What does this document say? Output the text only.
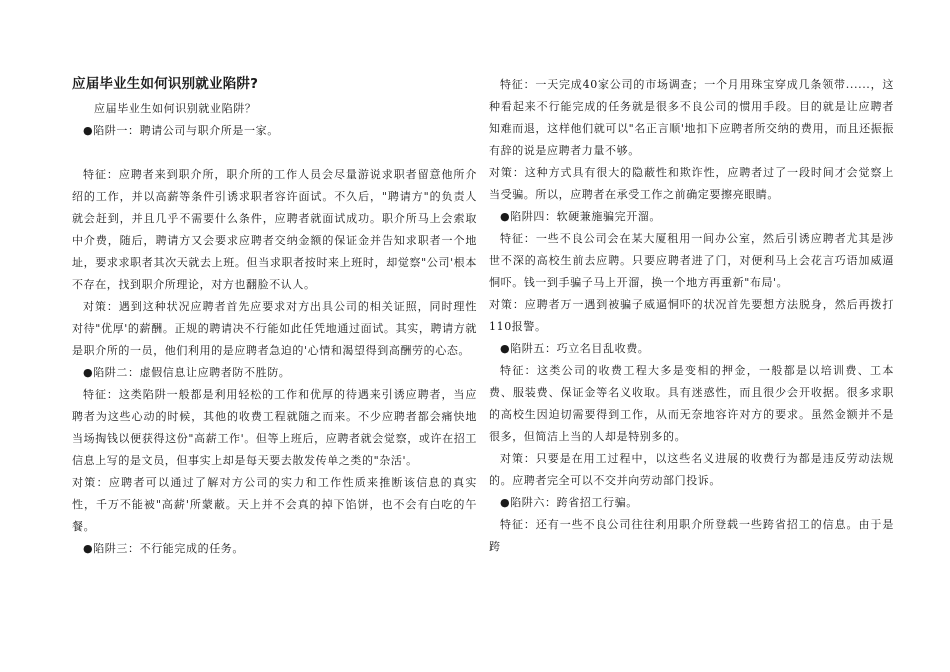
应届毕业生如何识别就业陷阱?

应届毕业生如何识别就业陷阱？

●陷阱一：聘请公司与职介所是一家。

特征：应聘者来到职介所，职介所的工作人员会尽量游说求职者留意他所介绍的工作，并以高薪等条件引诱求职者容许面试。不久后，"聘请方"的负责人就会赶到，并且几乎不需要什么条件，应聘者就面试成功。职介所马上会索取中介费，随后，聘请方又会要求应聘者交纳金额的保证金并告知求职者一个地址，要求求职者其次天就去上班。但当求职者按时来上班时，却觉察"公司'根本不存在，找到职介所理论，对方也翻脸不认人。

对策：遇到这种状况应聘者首先应要求对方出具公司的相关证照，同时理性对待"优厚'的薪酬。正规的聘请决不行能如此任凭地通过面试。其实，聘请方就是职介所的一员，他们利用的是应聘者急迫的'心情和渴望得到高酬劳的心态。

●陷阱二：虚假信息让应聘者防不胜防。

特征：这类陷阱一般都是利用轻松的工作和优厚的待遇来引诱应聘者，当应聘者为这些心动的时候，其他的收费工程就随之而来。不少应聘者都会痛快地当场掏钱以便获得这份"高薪工作'。但等上班后，应聘者就会觉察，或许在招工信息上写的是文员，但事实上却是每天要去散发传单之类的"杂活'。

对策：应聘者可以通过了解对方公司的实力和工作性质来推断该信息的真实性，千万不能被"高薪'所蒙蔽。天上并不会真的掉下馅饼，也不会有白吃的午餐。

●陷阱三：不行能完成的任务。

特征：一天完成40家公司的市场调查；一个月用珠宝穿成几条领带......，这种看起来不行能完成的任务就是很多不良公司的惯用手段。目的就是让应聘者知难而退，这样他们就可以"名正言顺'地扣下应聘者所交纳的费用，而且还振振有辞的说是应聘者力量不够。

对策：这种方式具有很大的隐蔽性和欺诈性，应聘者过了一段时间才会觉察上当受骗。所以，应聘者在承受工作之前确定要擦亮眼睛。

●陷阱四：软硬兼施骗完开溜。

特征：一些不良公司会在某大厦租用一间办公室，然后引诱应聘者尤其是涉世不深的高校生前去应聘。只要应聘者进了门，对便利马上会花言巧语加威逼恫吓。钱一到手骗子马上开溜，换一个地方再重新"布局'。

对策：应聘者万一遇到被骗子威逼恫吓的状况首先要想方法脱身，然后再拨打110报警。

●陷阱五：巧立名目乱收费。

特征：这类公司的收费工程大多是变相的押金，一般都是以培训费、工本费、服装费、保证金等名义收取。具有迷惑性，而且很少会开收据。很多求职的高校生因迫切需要得到工作，从而无奈地容许对方的要求。虽然金额并不是很多，但简洁上当的人却是特别多的。

对策：只要是在用工过程中，以这些名义进展的收费行为都是违反劳动法规的。应聘者完全可以不交并向劳动部门投诉。

●陷阱六：跨省招工行骗。

特征：还有一些不良公司往往利用职介所登载一些跨省招工的信息。由于是跨
